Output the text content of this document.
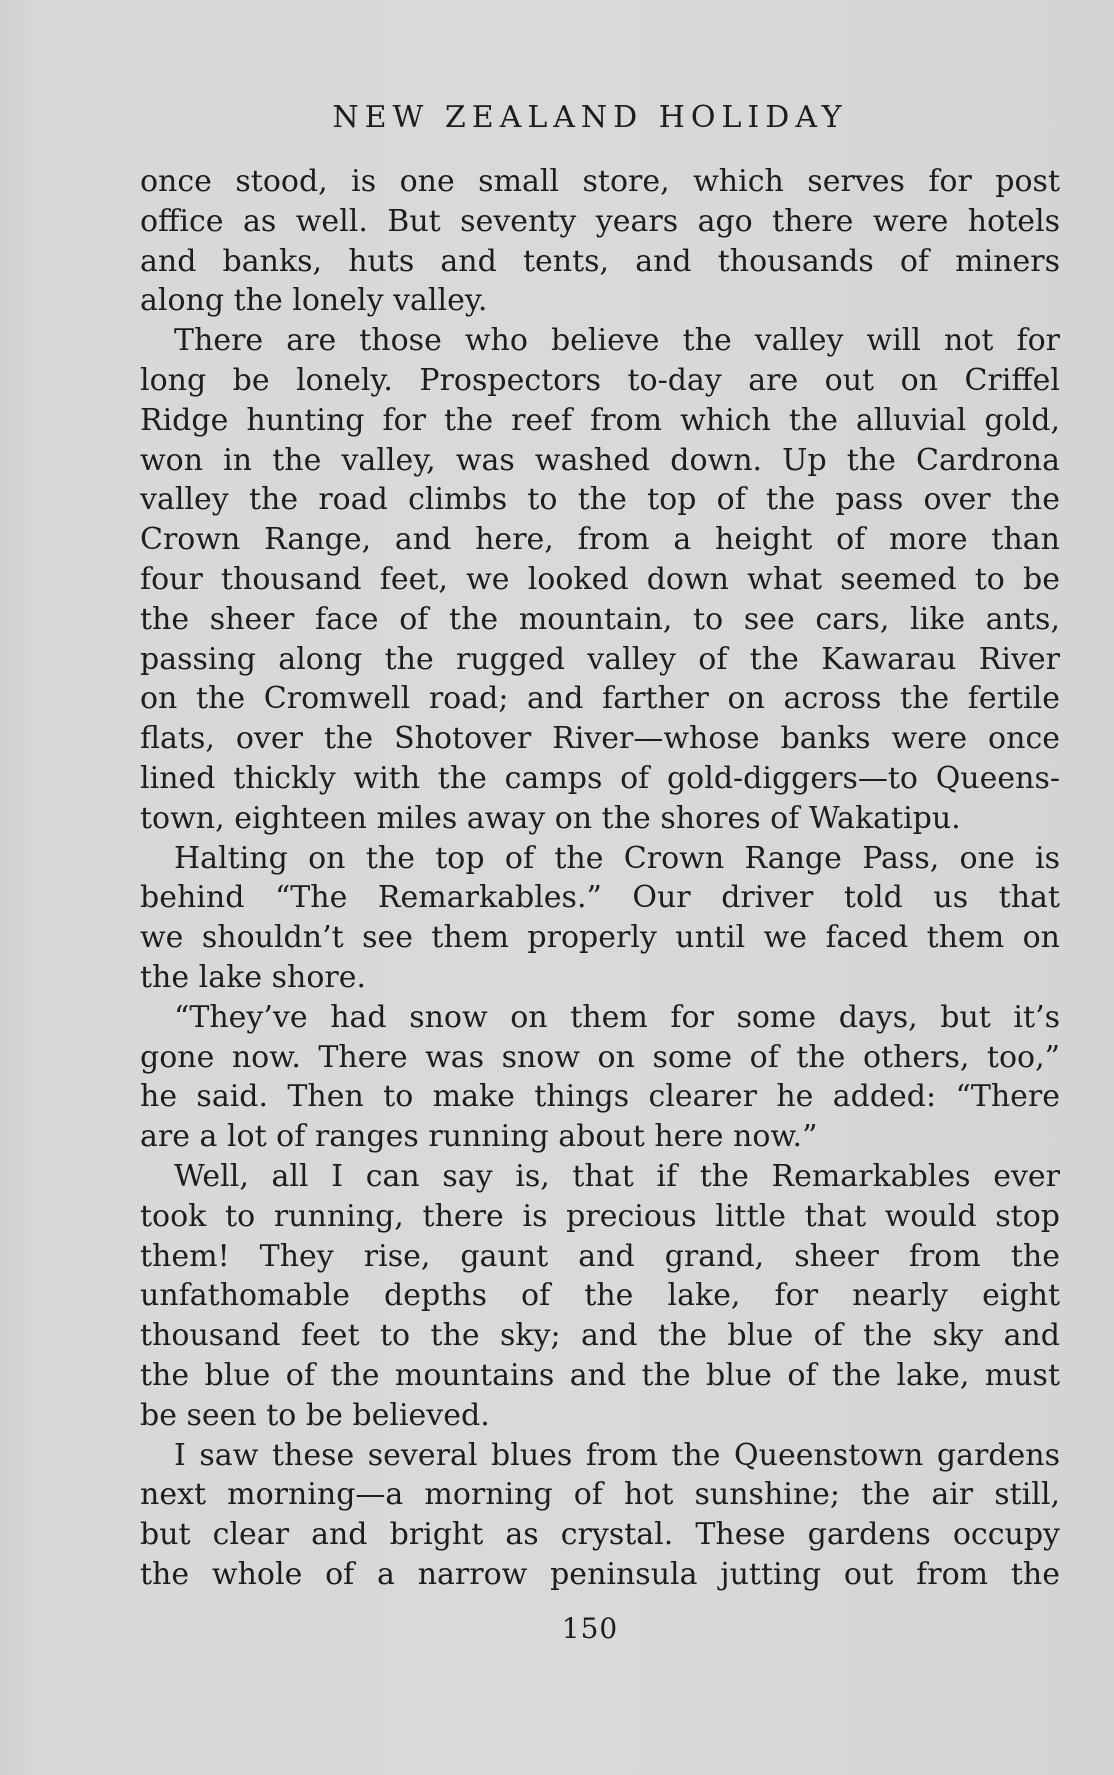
NEW ZEALAND HOLIDAY
once stood, is one small store, which serves for post
office as well. But seventy years ago there were hotels
and banks, huts and tents, and thousands of miners
along the lonely valley.
There are those who believe the valley will not for
long be lonely. Prospectors to-day are out on Criffel
Ridge hunting for the reef from which the alluvial gold,
won in the valley, was washed down. Up the Cardrona
valley the road climbs to the top of the pass over the
Crown Range, and here, from a height of more than
four thousand feet, we looked down what seemed to be
the sheer face of the mountain, to see cars, like ants,
passing along the rugged valley of the Kawarau River
on the Cromwell road; and farther on across the fertile
flats, over the Shotover River—whose banks were once
lined thickly with the camps of gold-diggers—to Queens-
town, eighteen miles away on the shores of Wakatipu.
Halting on the top of the Crown Range Pass, one is
behind “The Remarkables.” Our driver told us that
we shouldn’t see them properly until we faced them on
the lake shore.
“They’ve had snow on them for some days, but it’s
gone now. There was snow on some of the others, too,”
he said. Then to make things clearer he added: “There
are a lot of ranges running about here now.”
Well, all I can say is, that if the Remarkables ever
took to running, there is precious little that would stop
them! They rise, gaunt and grand, sheer from the
unfathomable depths of the lake, for nearly eight
thousand feet to the sky; and the blue of the sky and
the blue of the mountains and the blue of the lake, must
be seen to be believed.
I saw these several blues from the Queenstown gardens
next morning—a morning of hot sunshine; the air still,
but clear and bright as crystal. These gardens occupy
the whole of a narrow peninsula jutting out from the
150
